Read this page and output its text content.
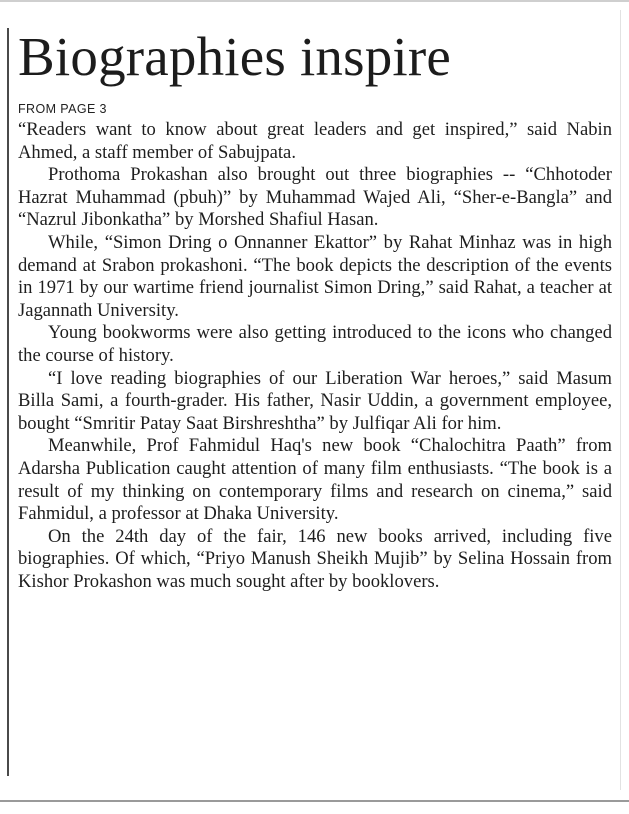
Biographies inspire
FROM PAGE 3

“Readers want to know about great leaders and get inspired,” said Nabin Ahmed, a staff member of Sabujpata.

Prothoma Prokashan also brought out three biographies -- “Chhotoder Hazrat Muhammad (pbuh)” by Muhammad Wajed Ali, “Sher-e-Bangla” and “Nazrul Jibonkatha” by Morshed Shafiul Hasan.

While, “Simon Dring o Onnanner Ekattor” by Rahat Minhaz was in high demand at Srabon prokashoni. “The book depicts the description of the events in 1971 by our wartime friend journalist Simon Dring,” said Rahat, a teacher at Jagannath University.

Young bookworms were also getting introduced to the icons who changed the course of history.

“I love reading biographies of our Liberation War heroes,” said Masum Billa Sami, a fourth-grader. His father, Nasir Uddin, a government employee, bought “Smritir Patay Saat Birshreshtha” by Julfiqar Ali for him.

Meanwhile, Prof Fahmidul Haq's new book “Chalochitra Paath” from Adarsha Publication caught attention of many film enthusiasts. “The book is a result of my thinking on contemporary films and research on cinema,” said Fahmidul, a professor at Dhaka University.

On the 24th day of the fair, 146 new books arrived, including five biographies. Of which, “Priyo Manush Sheikh Mujib” by Selina Hossain from Kishor Prokashon was much sought after by booklovers.
